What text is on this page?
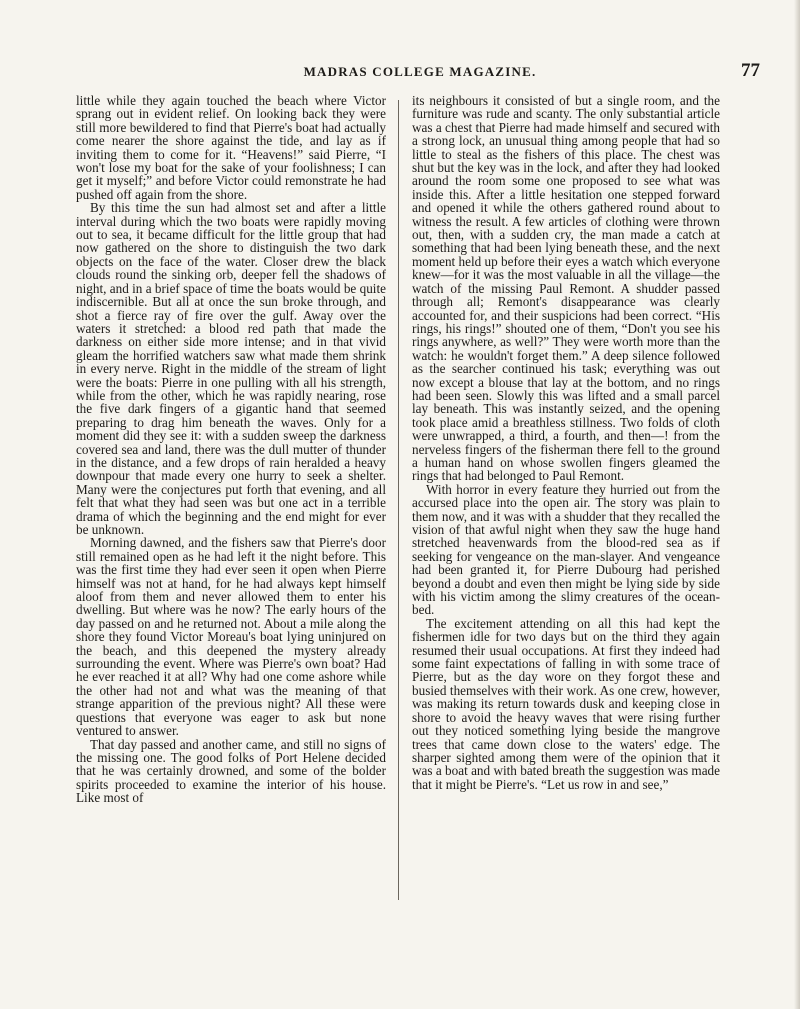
MADRAS COLLEGE MAGAZINE.	77

little while they again touched the beach where Victor sprang out in evident relief. On looking back they were still more bewildered to find that Pierre's boat had actually come nearer the shore against the tide, and lay as if inviting them to come for it. “Heavens!” said Pierre, “I won't lose my boat for the sake of your foolishness; I can get it myself;” and before Victor could remonstrate he had pushed off again from the shore.

By this time the sun had almost set and after a little interval during which the two boats were rapidly moving out to sea, it became difficult for the little group that had now gathered on the shore to distinguish the two dark objects on the face of the water. Closer drew the black clouds round the sinking orb, deeper fell the shadows of night, and in a brief space of time the boats would be quite indiscernible. But all at once the sun broke through, and shot a fierce ray of fire over the gulf. Away over the waters it stretched: a blood red path that made the darkness on either side more intense; and in that vivid gleam the horrified watchers saw what made them shrink in every nerve. Right in the middle of the stream of light were the boats: Pierre in one pulling with all his strength, while from the other, which he was rapidly nearing, rose the five dark fingers of a gigantic hand that seemed preparing to drag him beneath the waves. Only for a moment did they see it: with a sudden sweep the darkness covered sea and land, there was the dull mutter of thunder in the distance, and a few drops of rain heralded a heavy downpour that made every one hurry to seek a shelter. Many were the conjectures put forth that evening, and all felt that what they had seen was but one act in a terrible drama of which the beginning and the end might for ever be unknown.

Morning dawned, and the fishers saw that Pierre's door still remained open as he had left it the night before. This was the first time they had ever seen it open when Pierre himself was not at hand, for he had always kept himself aloof from them and never allowed them to enter his dwelling. But where was he now? The early hours of the day passed on and he returned not. About a mile along the shore they found Victor Moreau's boat lying uninjured on the beach, and this deepened the mystery already surrounding the event. Where was Pierre's own boat? Had he ever reached it at all? Why had one come ashore while the other had not and what was the meaning of that strange apparition of the previous night? All these were questions that everyone was eager to ask but none ventured to answer.

That day passed and another came, and still no signs of the missing one. The good folks of Port Helene decided that he was certainly drowned, and some of the bolder spirits proceeded to examine the interior of his house. Like most of

its neighbours it consisted of but a single room, and the furniture was rude and scanty. The only substantial article was a chest that Pierre had made himself and secured with a strong lock, an unusual thing among people that had so little to steal as the fishers of this place. The chest was shut but the key was in the lock, and after they had looked around the room some one proposed to see what was inside this. After a little hesitation one stepped forward and opened it while the others gathered round about to witness the result. A few articles of clothing were thrown out, then, with a sudden cry, the man made a catch at something that had been lying beneath these, and the next moment held up before their eyes a watch which everyone knew—for it was the most valuable in all the village—the watch of the missing Paul Remont. A shudder passed through all; Remont's disappearance was clearly accounted for, and their suspicions had been correct. “His rings, his rings!” shouted one of them, “Don't you see his rings anywhere, as well?” They were worth more than the watch: he wouldn't forget them.” A deep silence followed as the searcher continued his task; everything was out now except a blouse that lay at the bottom, and no rings had been seen. Slowly this was lifted and a small parcel lay beneath. This was instantly seized, and the opening took place amid a breathless stillness. Two folds of cloth were unwrapped, a third, a fourth, and then—! from the nerveless fingers of the fisherman there fell to the ground a human hand on whose swollen fingers gleamed the rings that had belonged to Paul Remont.

With horror in every feature they hurried out from the accursed place into the open air. The story was plain to them now, and it was with a shudder that they recalled the vision of that awful night when they saw the huge hand stretched heavenwards from the blood-red sea as if seeking for vengeance on the man-slayer. And vengeance had been granted it, for Pierre Dubourg had perished beyond a doubt and even then might be lying side by side with his victim among the slimy creatures of the ocean-bed.

The excitement attending on all this had kept the fishermen idle for two days but on the third they again resumed their usual occupations. At first they indeed had some faint expectations of falling in with some trace of Pierre, but as the day wore on they forgot these and busied themselves with their work. As one crew, however, was making its return towards dusk and keeping close in shore to avoid the heavy waves that were rising further out they noticed something lying beside the mangrove trees that came down close to the waters' edge. The sharper sighted among them were of the opinion that it was a boat and with bated breath the suggestion was made that it might be Pierre's. “Let us row in and see,”
